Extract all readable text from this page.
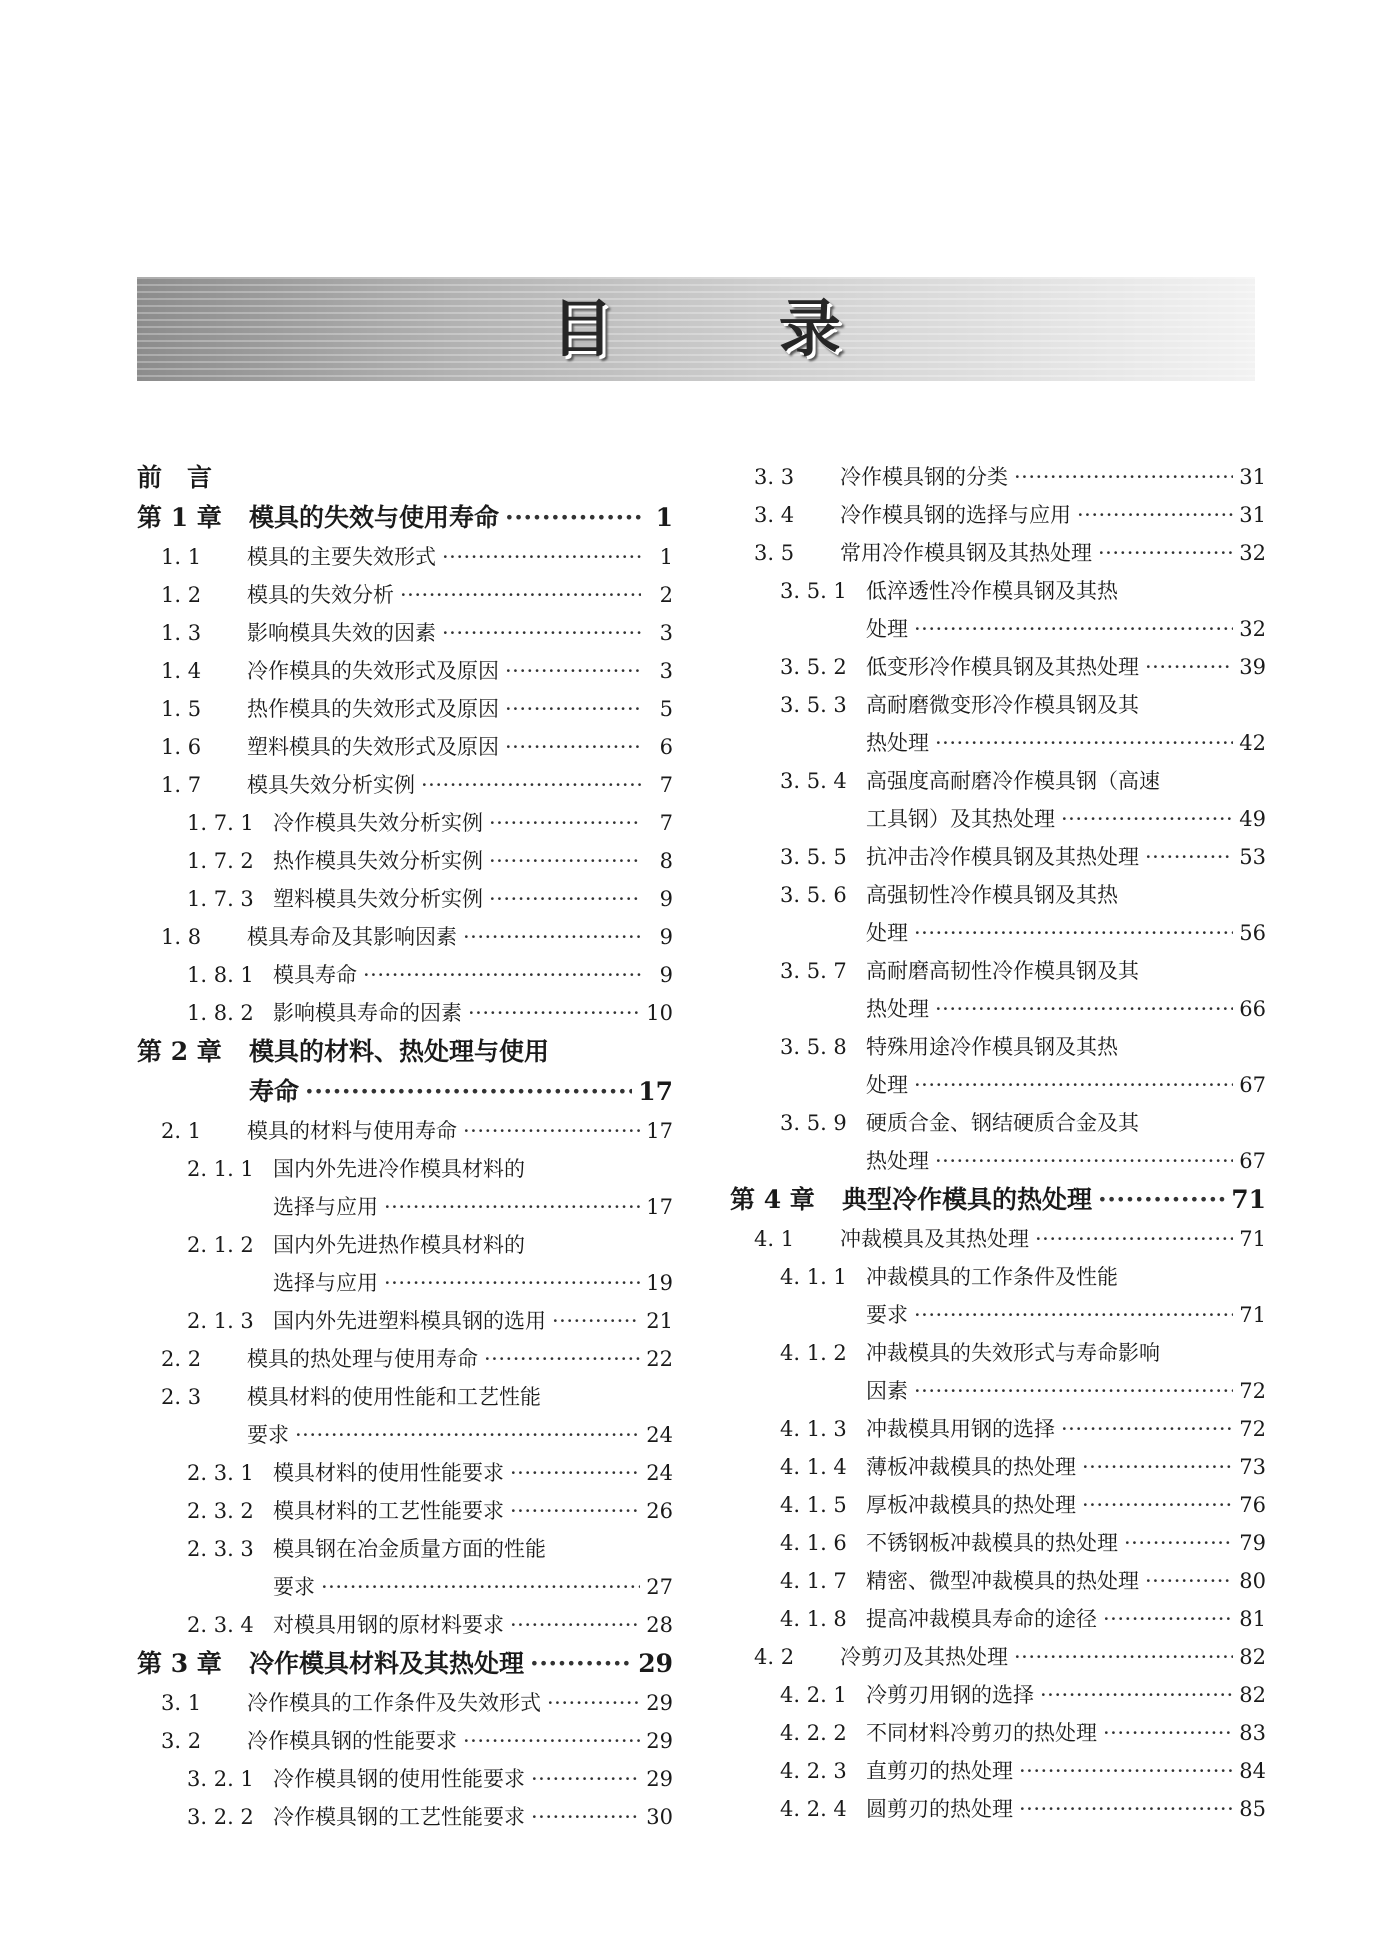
目 录
前　言
第 1 章	模具的失效与使用寿命 ·····	1
1. 1	模具的主要失效形式 ·····	1
1. 2	模具的失效分析 ·····	2
1. 3	影响模具失效的因素 ·····	3
1. 4	冷作模具的失效形式及原因 ·····	3
1. 5	热作模具的失效形式及原因 ·····	5
1. 6	塑料模具的失效形式及原因 ·····	6
1. 7	模具失效分析实例 ·····	7
1. 7. 1 冷作模具失效分析实例 ·····	7
1. 7. 2 热作模具失效分析实例 ·····	8
1. 7. 3 塑料模具失效分析实例 ·····	9
1. 8	模具寿命及其影响因素 ·····	9
1. 8. 1 模具寿命 ·····	9
1. 8. 2 影响模具寿命的因素 ·····	10
第 2 章	模具的材料、热处理与使用
寿命 ·····	17
2. 1	模具的材料与使用寿命 ·····	17
2. 1. 1 国内外先进冷作模具材料的
选择与应用 ·····	17
2. 1. 2 国内外先进热作模具材料的
选择与应用 ·····	19
2. 1. 3 国内外先进塑料模具钢的选用 ·····	21
2. 2	模具的热处理与使用寿命 ·····	22
2. 3	模具材料的使用性能和工艺性能
要求 ·····	24
2. 3. 1 模具材料的使用性能要求 ·····	24
2. 3. 2 模具材料的工艺性能要求 ·····	26
2. 3. 3 模具钢在冶金质量方面的性能
要求 ·····	27
2. 3. 4 对模具用钢的原材料要求 ·····	28
第 3 章	冷作模具材料及其热处理 ·····	29
3. 1	冷作模具的工作条件及失效形式 ·····	29
3. 2	冷作模具钢的性能要求 ·····	29
3. 2. 1 冷作模具钢的使用性能要求 ·····	29
3. 2. 2 冷作模具钢的工艺性能要求 ·····	30
3. 3	冷作模具钢的分类 ·····	31
3. 4	冷作模具钢的选择与应用 ·····	31
3. 5	常用冷作模具钢及其热处理 ·····	32
3. 5. 1 低淬透性冷作模具钢及其热
处理 ·····	32
3. 5. 2 低变形冷作模具钢及其热处理 ·····	39
3. 5. 3 高耐磨微变形冷作模具钢及其
热处理 ·····	42
3. 5. 4 高强度高耐磨冷作模具钢（高速
工具钢）及其热处理 ·····	49
3. 5. 5 抗冲击冷作模具钢及其热处理 ·····	53
3. 5. 6 高强韧性冷作模具钢及其热
处理 ·····	56
3. 5. 7 高耐磨高韧性冷作模具钢及其
热处理 ·····	66
3. 5. 8 特殊用途冷作模具钢及其热
处理 ·····	67
3. 5. 9 硬质合金、钢结硬质合金及其
热处理 ·····	67
第 4 章	典型冷作模具的热处理 ·····	71
4. 1	冲裁模具及其热处理 ·····	71
4. 1. 1 冲裁模具的工作条件及性能
要求 ·····	71
4. 1. 2 冲裁模具的失效形式与寿命影响
因素 ·····	72
4. 1. 3 冲裁模具用钢的选择 ·····	72
4. 1. 4 薄板冲裁模具的热处理 ·····	73
4. 1. 5 厚板冲裁模具的热处理 ·····	76
4. 1. 6 不锈钢板冲裁模具的热处理 ·····	79
4. 1. 7 精密、微型冲裁模具的热处理 ·····	80
4. 1. 8 提高冲裁模具寿命的途径 ·····	81
4. 2	冷剪刃及其热处理 ·····	82
4. 2. 1 冷剪刃用钢的选择 ·····	82
4. 2. 2 不同材料冷剪刃的热处理 ·····	83
4. 2. 3 直剪刃的热处理 ·····	84
4. 2. 4 圆剪刃的热处理 ·····	85
